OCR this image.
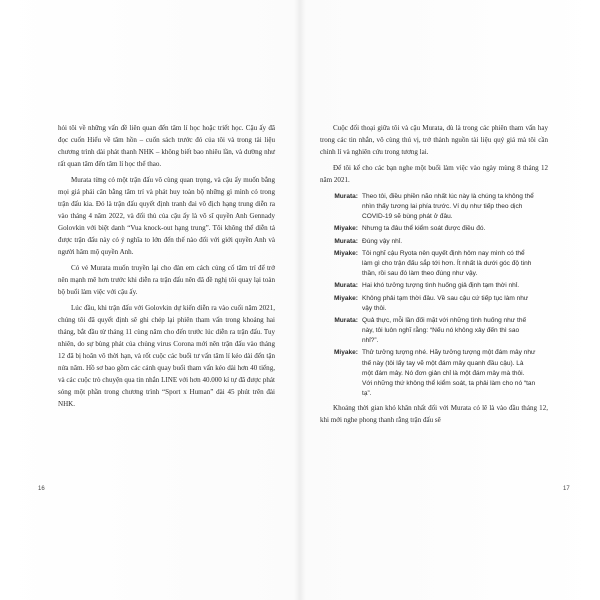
hỏi tôi về những vấn đề liên quan đến tâm lí học hoặc triết học. Cậu ấy đã đọc cuốn Hiểu về tâm hồn – cuốn sách trước đó của tôi và trong tài liệu chương trình dài phát thanh NHK – không biết bao nhiêu lần, và dường như rất quan tâm đến tâm lí học thể thao.

Murata từng có một trận đấu vô cùng quan trọng, và cậu ấy muốn bằng mọi giá phải cân bằng tâm trí và phát huy toàn bộ những gì mình có trong trận đấu kia. Đó là trận đấu quyết định tranh đai vô địch hạng trung diễn ra vào tháng 4 năm 2022, và đối thủ của cậu ấy là võ sĩ quyền Anh Gennady Golovkin với biệt danh “Vua knock-out hạng trung”. Tôi không thể diễn tả được trận đấu này có ý nghĩa to lớn đến thế nào đối với giới quyền Anh và người hâm mộ quyền Anh.

Có vẻ Murata muốn truyền lại cho đàn em cách củng cố tâm trí để trở nên mạnh mẽ hơn trước khi diễn ra trận đấu nên đã đề nghị tôi quay lại toàn bộ buổi làm việc với cậu ấy.

Lúc đầu, khi trận đấu với Golovkin dự kiến diễn ra vào cuối năm 2021, chúng tôi đã quyết định sẽ ghi chép lại phiên tham vấn trong khoảng hai tháng, bắt đầu từ tháng 11 cùng năm cho đến trước lúc diễn ra trận đấu. Tuy nhiên, do sự bùng phát của chủng virus Corona mới nên trận đấu vào tháng 12 đã bị hoãn vô thời hạn, và rốt cuộc các buổi tư vấn tâm lí kéo dài đến tận nửa năm. Hồ sơ bao gồm các cảnh quay buổi tham vấn kéo dài hơn 40 tiếng, và các cuộc trò chuyện qua tin nhắn LINE với hơn 40.000 kí tự đã được phát sóng một phần trong chương trình “Sport x Human” dài 45 phút trên đài NHK.

16

Cuộc đối thoại giữa tôi và cậu Murata, dù là trong các phiên tham vấn hay trong các tin nhắn, vô cùng thú vị, trở thành nguồn tài liệu quý giá mà tôi cần chỉnh lí và nghiên cứu trong tương lai.

Để tôi kể cho các bạn nghe một buổi làm việc vào ngày mùng 8 tháng 12 năm 2021.

Murata: Theo tôi, điều phiền não nhất lúc này là chúng ta không thể nhìn thấy tương lai phía trước. Ví dụ như tiếp theo dịch COVID-19 sẽ bùng phát ở đâu.
Miyake: Nhưng ta đâu thể kiểm soát được điều đó.
Murata: Đúng vậy nhỉ.
Miyake: Tôi nghĩ cậu Ryota nên quyết định hôm nay mình có thể làm gì cho trận đấu sắp tới hơn. Ít nhất là dưới góc độ tinh thần, rồi sau đó làm theo đúng như vậy.
Murata: Hai khó tưởng tượng tình huống giả định tạm thời nhỉ.
Miyake: Không phải tạm thời đâu. Về sau cậu cứ tiếp tục làm như vậy thôi.
Murata: Quả thực, mỗi lần đối mặt với những tình huống như thế này, tôi luôn nghĩ rằng: “Nếu nó không xảy đến thì sao nhỉ?”.
Miyake: Thử tưởng tượng nhé. Hãy tưởng tượng một đám mây như thế này (tôi lấy tay vẽ một đám mây quanh đầu cậu). Là một đám mây. Nó đơn giản chỉ là một đám mây mà thôi. Với những thứ không thể kiểm soát, ta phải làm cho nó “tan tạ”.

Khoảng thời gian khó khăn nhất đối với Murata có lẽ là vào đầu tháng 12, khi mới nghe phong thanh rằng trận đấu sẽ

17
